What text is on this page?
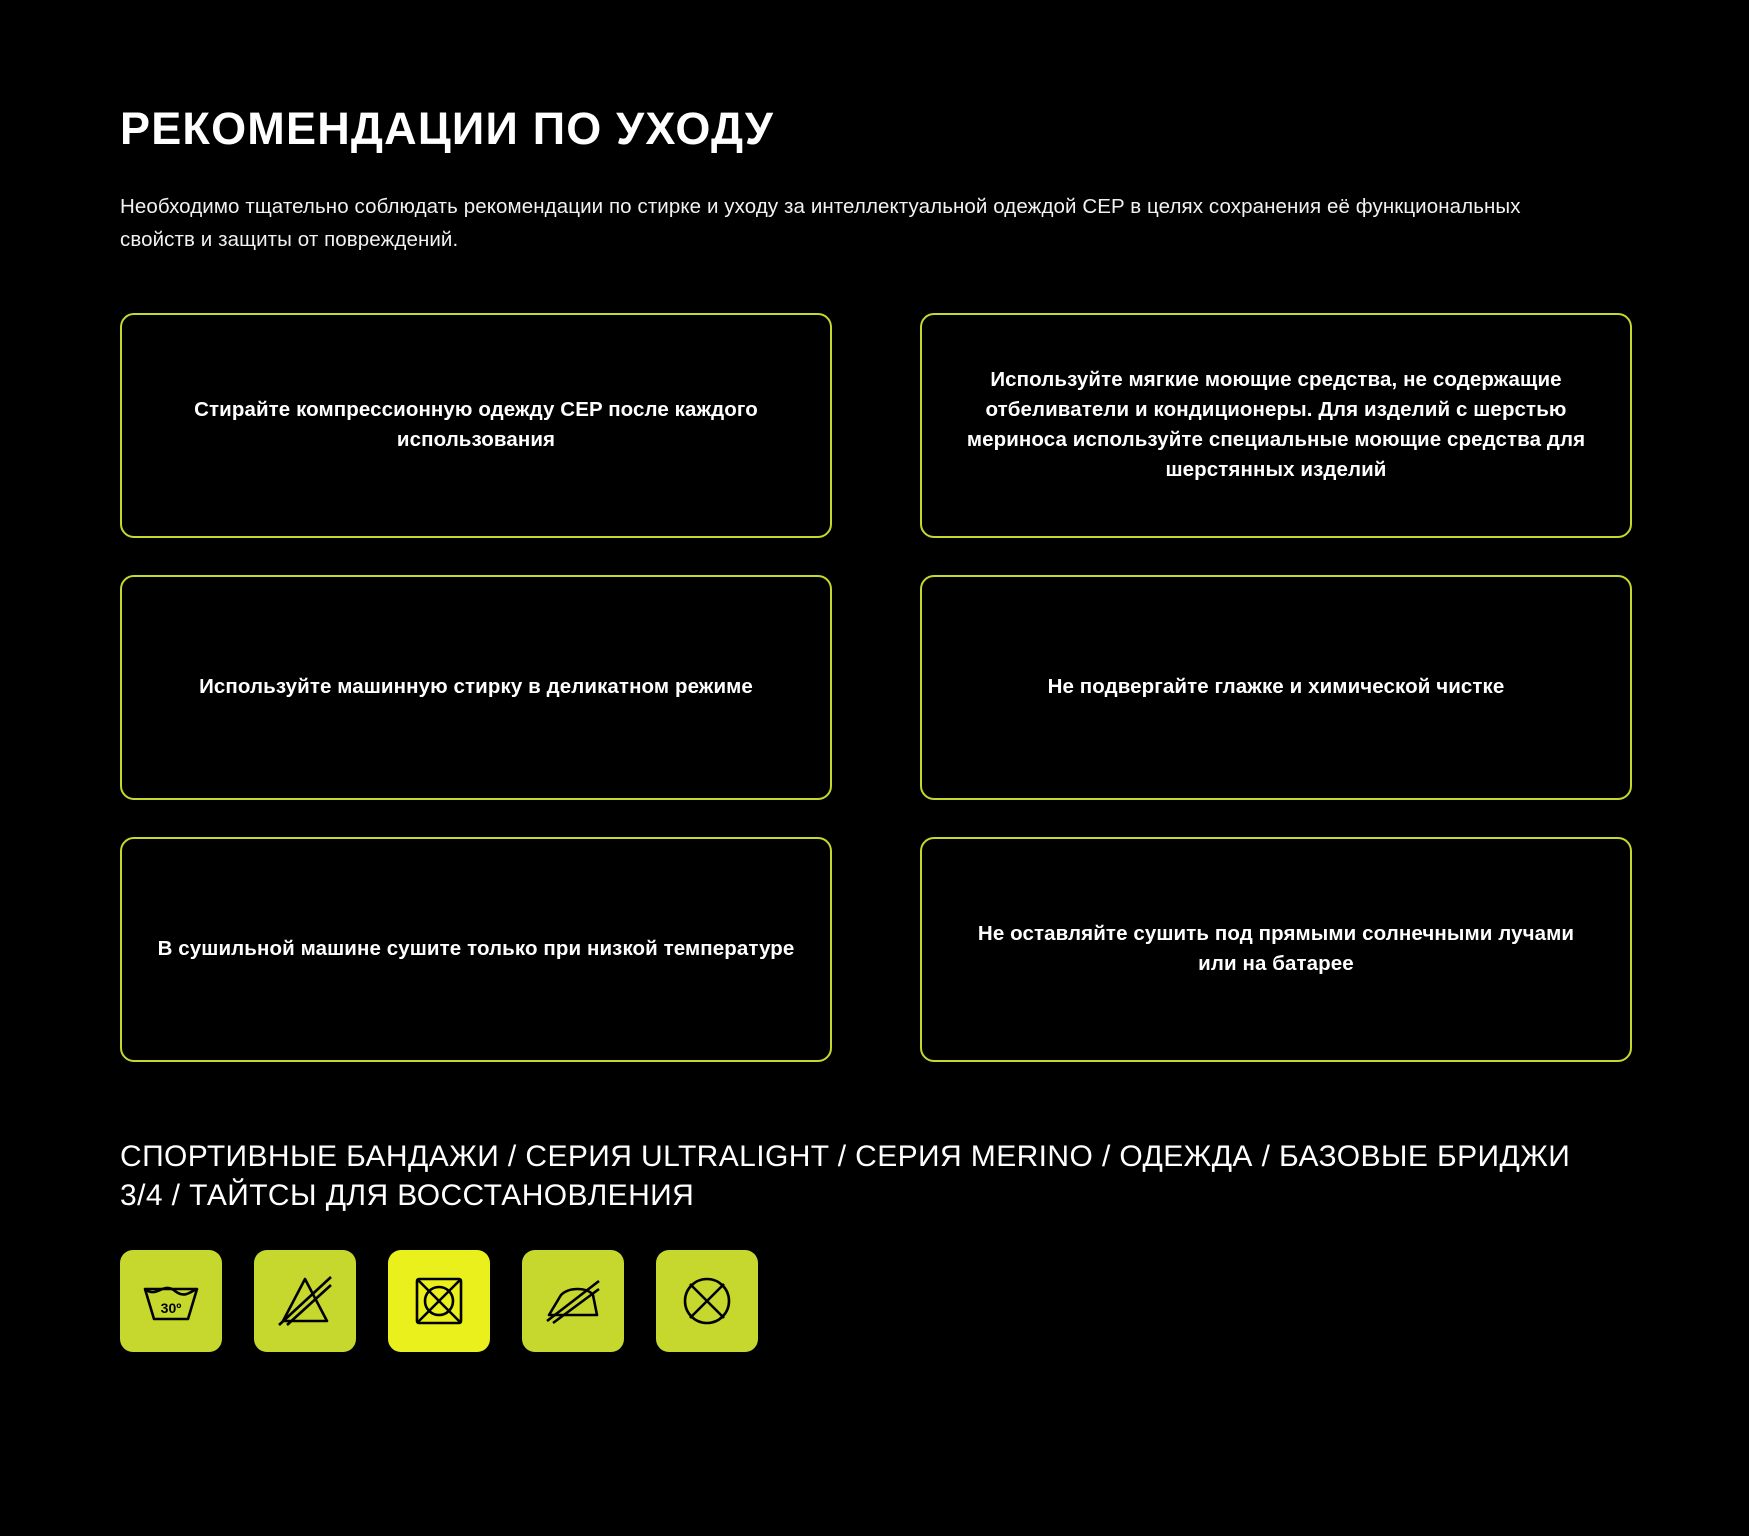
РЕКОМЕНДАЦИИ ПО УХОДУ

Необходимо тщательно соблюдать рекомендации по стирке и уходу за интеллектуальной одеждой CEP в целях сохранения её функциональных свойств и защиты от повреждений.

Стирайте компрессионную одежду CEP после каждого использования

Используйте мягкие моющие средства, не содержащие отбеливатели и кондиционеры. Для изделий с шерстью мериноса используйте специальные моющие средства для шерстянных изделий

Используйте машинную стирку в деликатном режиме	Не подвергайте глажке и химической чистке

В сушильной машине сушите только при низкой температуре

Не оставляйте сушить под прямыми солнечными лучами или на батарее

СПОРТИВНЫЕ БАНДАЖИ / СЕРИЯ ULTRALIGHT / СЕРИЯ MERINO / ОДЕЖДА / БАЗОВЫЕ БРИДЖИ 3/4 / ТАЙТСЫ ДЛЯ ВОССТАНОВЛЕНИЯ
30º
